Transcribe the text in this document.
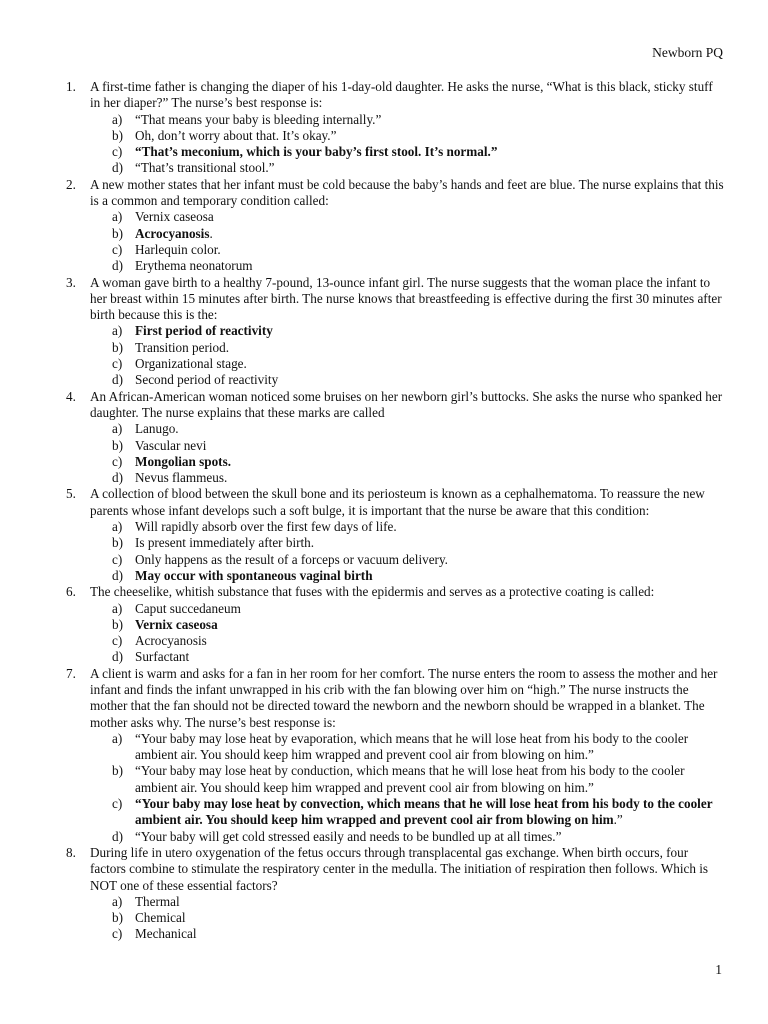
Newborn PQ
1.	A first-time father is changing the diaper of his 1-day-old daughter. He asks the nurse, “What is this black, sticky stuff in her diaper?” The nurse’s best response is:
a) “That means your baby is bleeding internally.”
b) Oh, don’t worry about that. It’s okay.”
c) “That’s meconium, which is your baby’s first stool. It’s normal.”
d) “That’s transitional stool.”
2.	A new mother states that her infant must be cold because the baby’s hands and feet are blue. The nurse explains that this is a common and temporary condition called:
a) Vernix caseosa
b) Acrocyanosis.
c) Harlequin color.
d) Erythema neonatorum
3.	A woman gave birth to a healthy 7-pound, 13-ounce infant girl. The nurse suggests that the woman place the infant to her breast within 15 minutes after birth. The nurse knows that breastfeeding is effective during the first 30 minutes after birth because this is the:
a) First period of reactivity
b) Transition period.
c) Organizational stage.
d) Second period of reactivity
4.	An African-American woman noticed some bruises on her newborn girl’s buttocks. She asks the nurse who spanked her daughter. The nurse explains that these marks are called
a) Lanugo.
b) Vascular nevi
c) Mongolian spots.
d) Nevus flammeus.
5.	A collection of blood between the skull bone and its periosteum is known as a cephalhematoma. To reassure the new parents whose infant develops such a soft bulge, it is important that the nurse be aware that this condition:
a) Will rapidly absorb over the first few days of life.
b) Is present immediately after birth.
c) Only happens as the result of a forceps or vacuum delivery.
d) May occur with spontaneous vaginal birth
6.	The cheeselike, whitish substance that fuses with the epidermis and serves as a protective coating is called:
a) Caput succedaneum
b) Vernix caseosa
c) Acrocyanosis
d) Surfactant
7.	A client is warm and asks for a fan in her room for her comfort. The nurse enters the room to assess the mother and her infant and finds the infant unwrapped in his crib with the fan blowing over him on “high.” The nurse instructs the mother that the fan should not be directed toward the newborn and the newborn should be wrapped in a blanket. The mother asks why. The nurse’s best response is:
a) “Your baby may lose heat by evaporation, which means that he will lose heat from his body to the cooler ambient air. You should keep him wrapped and prevent cool air from blowing on him.”
b) “Your baby may lose heat by conduction, which means that he will lose heat from his body to the cooler ambient air. You should keep him wrapped and prevent cool air from blowing on him.”
c) “Your baby may lose heat by convection, which means that he will lose heat from his body to the cooler ambient air. You should keep him wrapped and prevent cool air from blowing on him.”
d) “Your baby will get cold stressed easily and needs to be bundled up at all times.”
8.	During life in utero oxygenation of the fetus occurs through transplacental gas exchange. When birth occurs, four factors combine to stimulate the respiratory center in the medulla. The initiation of respiration then follows. Which is NOT one of these essential factors?
a) Thermal
b) Chemical
c) Mechanical
1
